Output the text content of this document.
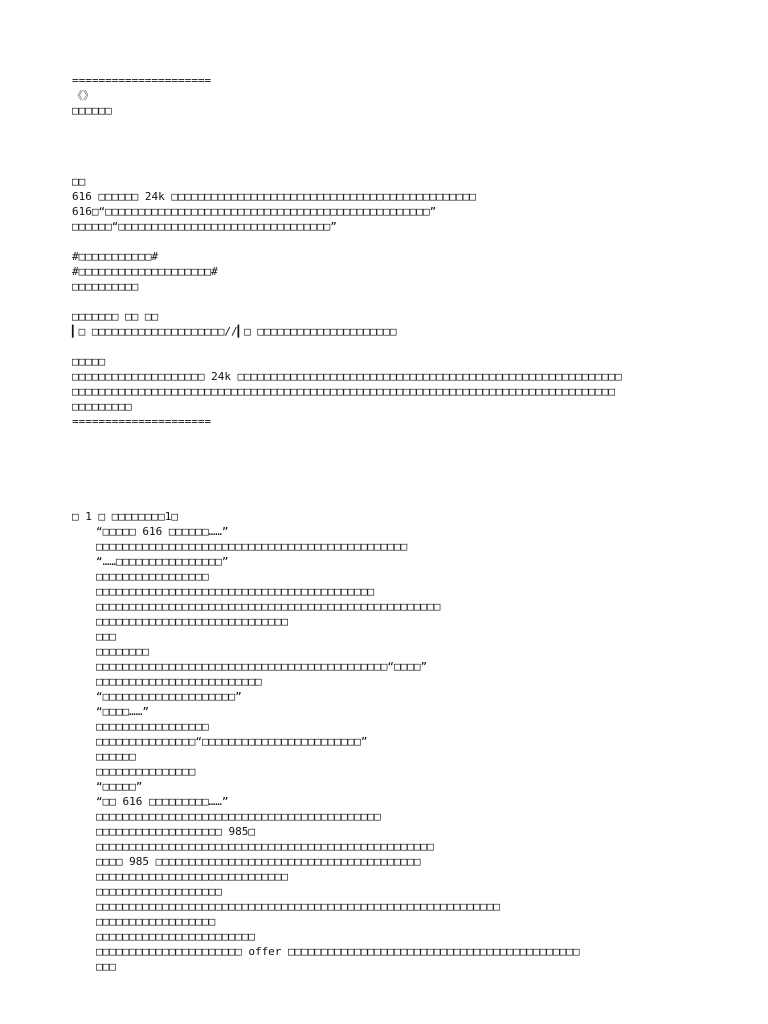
=====================
《》
□□□□□□
□□
616 □□□□□□ 24k □□□□□□□□□□□□□□□□□□□□□□□□□□□□□□□□□□□□□□□□□□□□□□
616□“□□□□□□□□□□□□□□□□□□□□□□□□□□□□□□□□□□□□□□□□□□□□□□□□□”
□□□□□□“□□□□□□□□□□□□□□□□□□□□□□□□□□□□□□□□”
#□□□□□□□□□□□#
#□□□□□□□□□□□□□□□□□□□□#
□□□□□□□□□□
□□□□□□□ □□ □□
▎□ □□□□□□□□□□□□□□□□□□□□//▎□ □□□□□□□□□□□□□□□□□□□□□
□□□□□
□□□□□□□□□□□□□□□□□□□□ 24k □□□□□□□□□□□□□□□□□□□□□□□□□□□□□□□□□□□□□□□□□□□□□□□□□□□□□□□□□□
□□□□□□□□□□□□□□□□□□□□□□□□□□□□□□□□□□□□□□□□□□□□□□□□□□□□□□□□□□□□□□□□□□□□□□□□□□□□□□□□□□
□□□□□□□□□
=====================
□ 1 □ □□□□□□□□1□
“□□□□□ 616 □□□□□□……”
□□□□□□□□□□□□□□□□□□□□□□□□□□□□□□□□□□□□□□□□□□□□□□□
“……□□□□□□□□□□□□□□□□”
□□□□□□□□□□□□□□□□□
□□□□□□□□□□□□□□□□□□□□□□□□□□□□□□□□□□□□□□□□□□
□□□□□□□□□□□□□□□□□□□□□□□□□□□□□□□□□□□□□□□□□□□□□□□□□□□□
□□□□□□□□□□□□□□□□□□□□□□□□□□□□□
□□□
□□□□□□□□
□□□□□□□□□□□□□□□□□□□□□□□□□□□□□□□□□□□□□□□□□□□□“□□□□”
□□□□□□□□□□□□□□□□□□□□□□□□□
“□□□□□□□□□□□□□□□□□□□□”
“□□□□……”
□□□□□□□□□□□□□□□□□
□□□□□□□□□□□□□□□“□□□□□□□□□□□□□□□□□□□□□□□□”
□□□□□□
□□□□□□□□□□□□□□□
“□□□□□”
“□□ 616 □□□□□□□□□……”
□□□□□□□□□□□□□□□□□□□□□□□□□□□□□□□□□□□□□□□□□□□
□□□□□□□□□□□□□□□□□□□ 985□
□□□□□□□□□□□□□□□□□□□□□□□□□□□□□□□□□□□□□□□□□□□□□□□□□□□
□□□□ 985 □□□□□□□□□□□□□□□□□□□□□□□□□□□□□□□□□□□□□□□□
□□□□□□□□□□□□□□□□□□□□□□□□□□□□□
□□□□□□□□□□□□□□□□□□□
□□□□□□□□□□□□□□□□□□□□□□□□□□□□□□□□□□□□□□□□□□□□□□□□□□□□□□□□□□□□□
□□□□□□□□□□□□□□□□□□
□□□□□□□□□□□□□□□□□□□□□□□□
□□□□□□□□□□□□□□□□□□□□□□ offer □□□□□□□□□□□□□□□□□□□□□□□□□□□□□□□□□□□□□□□□□□□□
□□□
